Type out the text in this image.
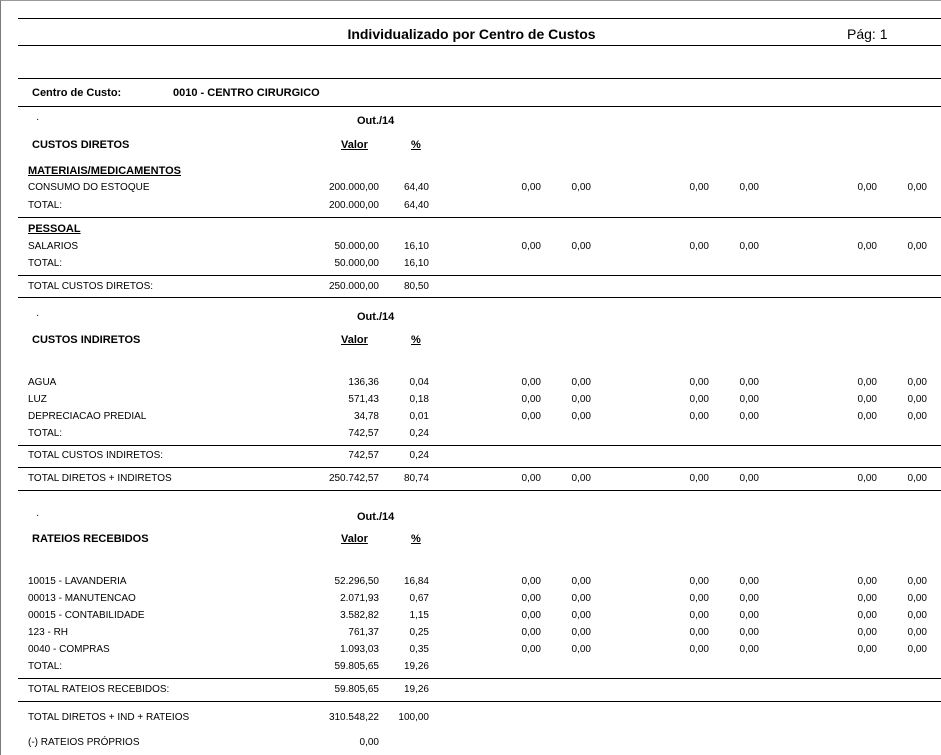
Individualizado por Centro de Custos	Pág: 1
Centro de Custo:	0010 - CENTRO CIRURGICO
·	Out./14
CUSTOS DIRETOS	Valor	%
MATERIAIS/MEDICAMENTOS
CONSUMO DO ESTOQUE	200.000,00	64,40	0,00	0,00	0,00	0,00	0,00	0,00
TOTAL:	200.000,00	64,40
PESSOAL
SALARIOS	50.000,00	16,10	0,00	0,00	0,00	0,00	0,00	0,00
TOTAL:	50.000,00	16,10
TOTAL CUSTOS DIRETOS:	250.000,00	80,50
·	Out./14
CUSTOS INDIRETOS	Valor	%
AGUA	136,36	0,04	0,00	0,00	0,00	0,00	0,00	0,00
LUZ	571,43	0,18	0,00	0,00	0,00	0,00	0,00	0,00
DEPRECIACAO PREDIAL	34,78	0,01	0,00	0,00	0,00	0,00	0,00	0,00
TOTAL:	742,57	0,24
TOTAL CUSTOS INDIRETOS:	742,57	0,24
TOTAL DIRETOS + INDIRETOS	250.742,57	80,74	0,00	0,00	0,00	0,00	0,00	0,00
·	Out./14
RATEIOS RECEBIDOS	Valor	%
10015 - LAVANDERIA	52.296,50	16,84	0,00	0,00	0,00	0,00	0,00	0,00
00013 - MANUTENCAO	2.071,93	0,67	0,00	0,00	0,00	0,00	0,00	0,00
00015 - CONTABILIDADE	3.582,82	1,15	0,00	0,00	0,00	0,00	0,00	0,00
123 - RH	761,37	0,25	0,00	0,00	0,00	0,00	0,00	0,00
0040 - COMPRAS	1.093,03	0,35	0,00	0,00	0,00	0,00	0,00	0,00
TOTAL:	59.805,65	19,26
TOTAL RATEIOS RECEBIDOS:	59.805,65	19,26
TOTAL DIRETOS + IND + RATEIOS	310.548,22	100,00
(-) RATEIOS PRÓPRIOS	0,00
